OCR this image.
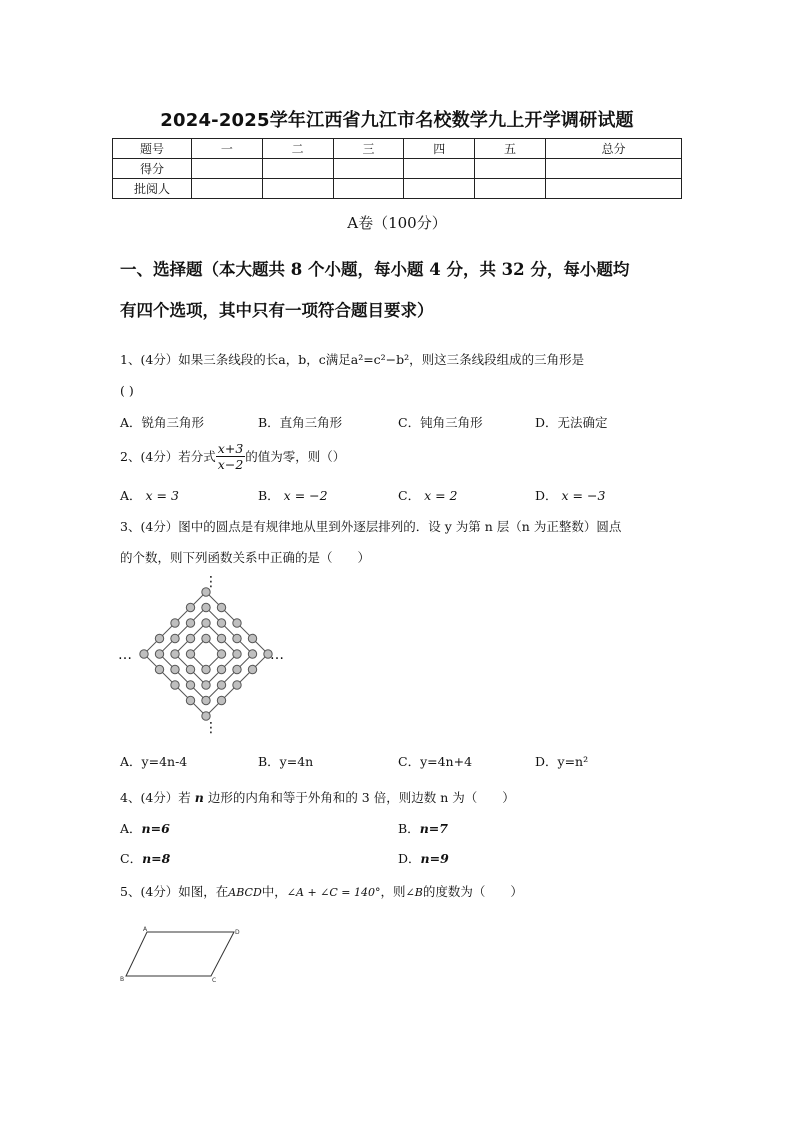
2024-2025学年江西省九江市名校数学九上开学调研试题
题号	一	二	三	四	五	总分
得分						
批阅人						
A卷（100分）
一、选择题（本大题共 8 个小题，每小题 4 分，共 32 分，每小题均
有四个选项，其中只有一项符合题目要求）
1、(4分）如果三条线段的长a，b，c满足a²=c²−b²，则这三条线段组成的三角形是
( )
A．锐角三角形	B．直角三角形	C．钝角三角形	D．无法确定
2、(4分）若分式 $\frac{x+3}{x-2}$ 的值为零，则（）
A． x = 3	B． x = −2	C． x = 2	D． x = −3
3、(4分）图中的圆点是有规律地从里到外逐层排列的．设 y 为第 n 层（n 为正整数）圆点
的个数，则下列函数关系中正确的是（　　）
⋮
⋮
…	…
A．y=4n-4	B．y=4n	C．y=4n+4	D．y=n²
4、(4分）若 n 边形的内角和等于外角和的 3 倍，则边数 n 为（　　）
A．n=6	B．n=7
C．n=8	D．n=9
5、(4分）如图，在ABCD中，∠A + ∠C = 140°，则∠B的度数为（　　）
A	D
B	C
